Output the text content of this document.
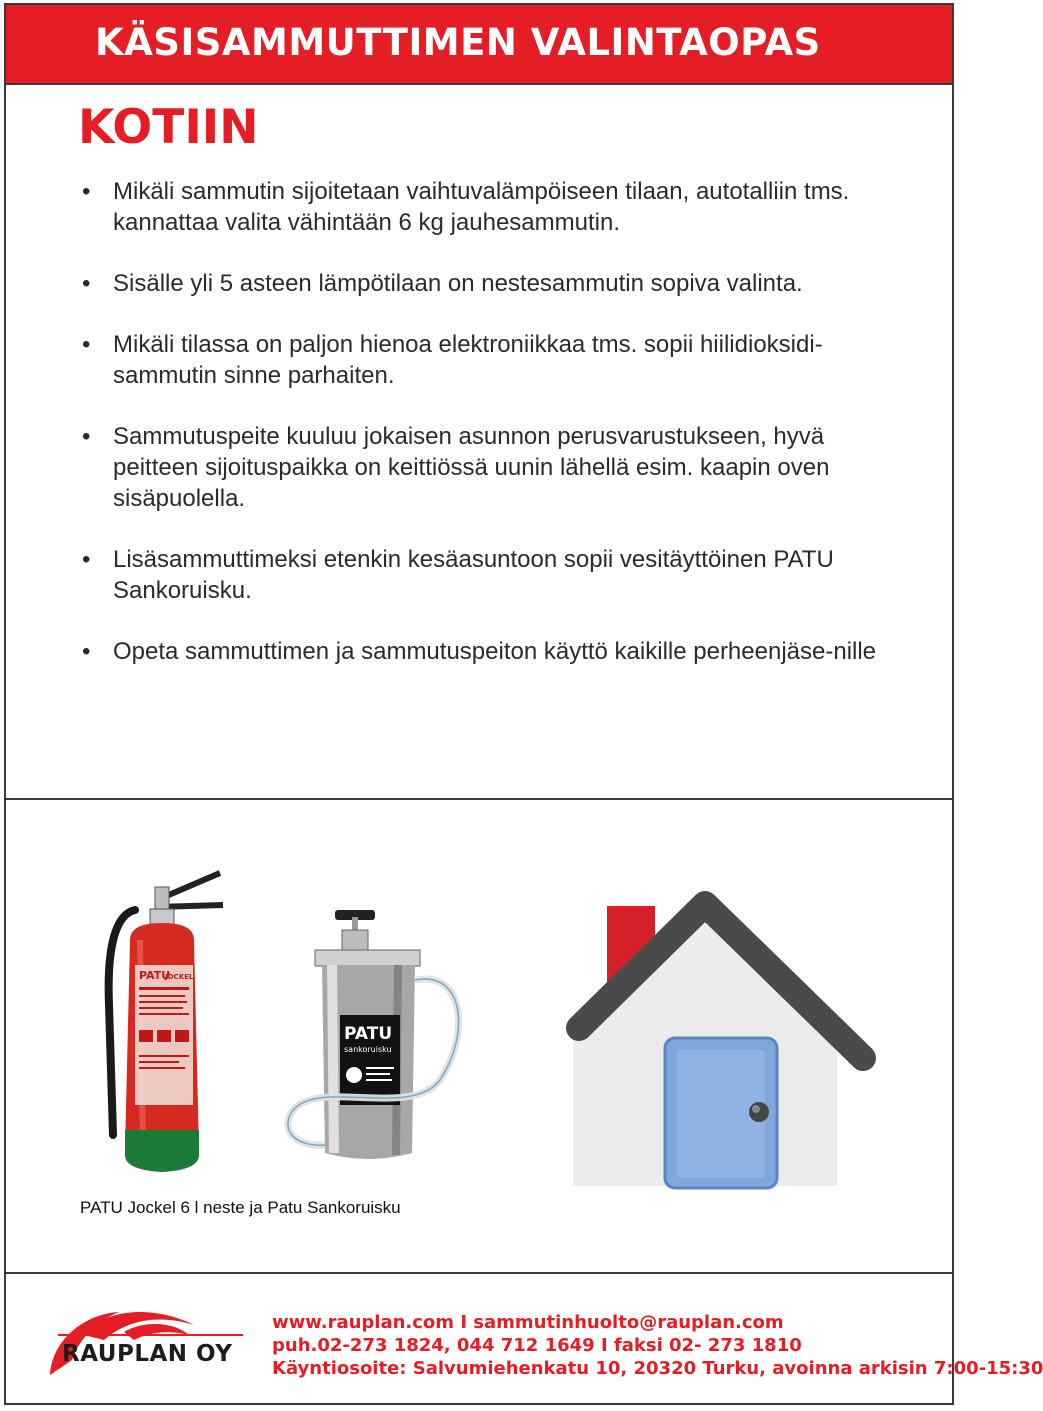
KÄSISAMMUTTIMEN VALINTAOPAS
KOTIIN
• Mikäli sammutin sijoitetaan vaihtuvalämpöiseen tilaan, autotalliin tms. kannattaa valita vähintään 6 kg jauhesammutin.
• Sisälle yli 5 asteen lämpötilaan on nestesammutin sopiva valinta.
• Mikäli tilassa on paljon hienoa elektroniikkaa tms. sopii hiilidioksidi-sammutin sinne parhaiten.
• Sammutuspeite kuuluu jokaisen asunnon perusvarustukseen, hyvä peitteen sijoituspaikka on keittiössä uunin lähellä esim. kaapin oven sisäpuolella.
• Lisäsammuttimeksi etenkin kesäasuntoon sopii vesitäyttöinen PATU Sankoruisku.
• Opeta sammuttimen ja sammutuspeiton käyttö kaikille perheenjäse-nille
PATU
JOCKEL
PATU
sankoruisku

PATU Jockel 6 l neste ja Patu Sankoruisku

RAUPLAN OY
www.rauplan.com I sammutinhuolto@rauplan.com
puh.02-273 1824, 044 712 1649 I faksi 02- 273 1810
Käyntiosoite: Salvumiehenkatu 10, 20320 Turku, avoinna arkisin 7:00-15:30
